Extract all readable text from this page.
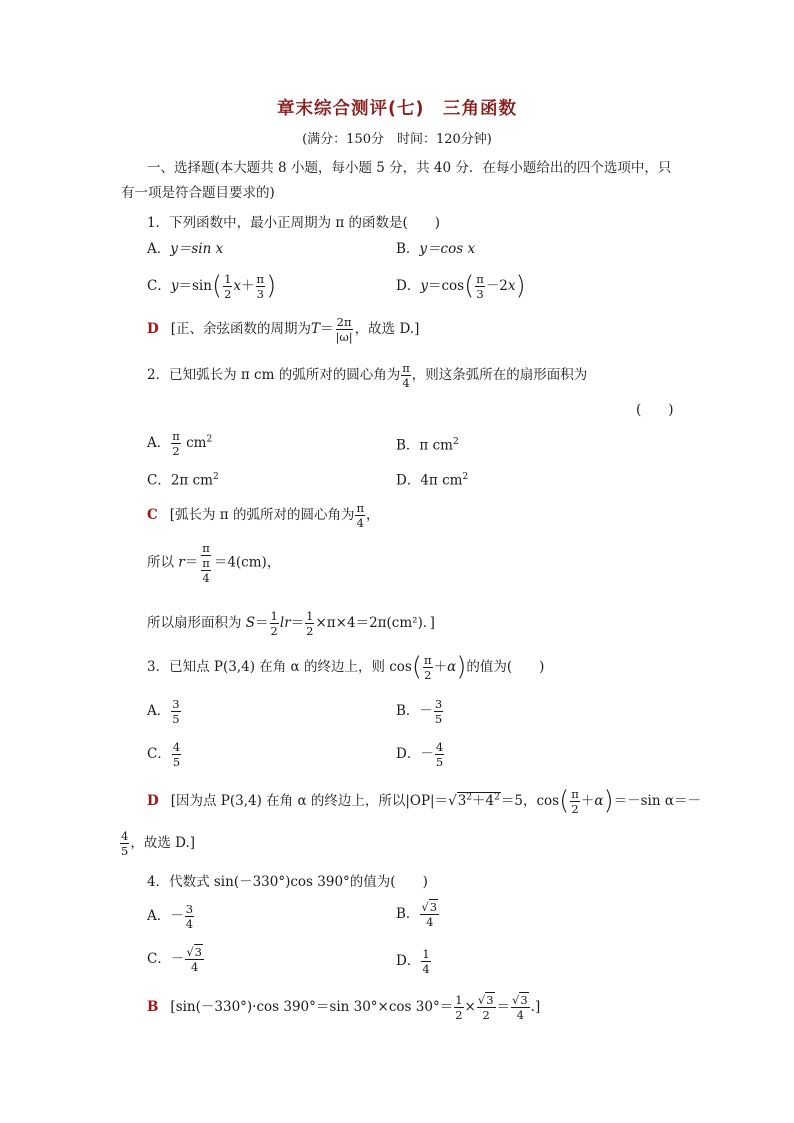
章末综合测评(七)　三角函数
(满分：150分　时间：120分钟)
一、选择题(本大题共 8 小题，每小题 5 分，共 40 分．在每小题给出的四个选项中，只
有一项是符合题目要求的)
1．下列函数中，最小正周期为 π 的函数是(　　)
A．y＝sin x	B．y＝cos x
C．$y=\sin( \frac{1}{2} x+ \frac{\pi}{3}$ )	D．$y=\cos( \frac{\pi}{3} -2x)$
D [正、余弦函数的周期为$T= \frac{2\pi}{|\omega|}$ ，故选 D.]
2．已知弧长为 π cm 的弧所对的圆心角为 $\frac{\pi}{4}$ ，则这条弧所在的扇形面积为
(　　)
A． $\frac{\pi}{2} cm^2$	B．π $cm^2$
C．2π $cm^2$	D．4π $cm^2$
C [弧长为 π 的弧所对的圆心角为 $\frac{\pi}{4}$ ，
所以 $r= \frac{\pi}{\frac{\pi}{4}} =4(cm)$，
所以扇形面积为 $S= \frac{1}{2} lr= \frac{1}{2} \times\pi\times 4=2\pi(cm^2)$．]
3．已知点 P(3,4) 在角 α 的终边上，则 $\cos( \frac{\pi}{2} +\alpha)$的值为(　　)
A． $\frac{3}{5}$	B．－ $\frac{3}{5}$
C． $\frac{4}{5}$	D．－ $\frac{4}{5}$
D [因为点 P(3,4) 在角 α 的终边上，所以$|OP|=√3^2+4^2=5$，$\cos( \frac{\pi}{2} +\alpha)=-\sin$ α＝－
$\frac{4}{5}$ ，故选 D.]
4．代数式 sin(－330°)cos 390°的值为(　　)
A．－ $\frac{3}{4}$	B． $\frac{√3}{4}$
C．－ $\frac{√3}{4}$	D． $\frac{1}{4}$
B [sin(－330°)·cos 390°＝sin 30°×cos $30^\circ= \frac{1}{2} \times \frac{√3}{2} = \frac{√3}{4}$ .]
